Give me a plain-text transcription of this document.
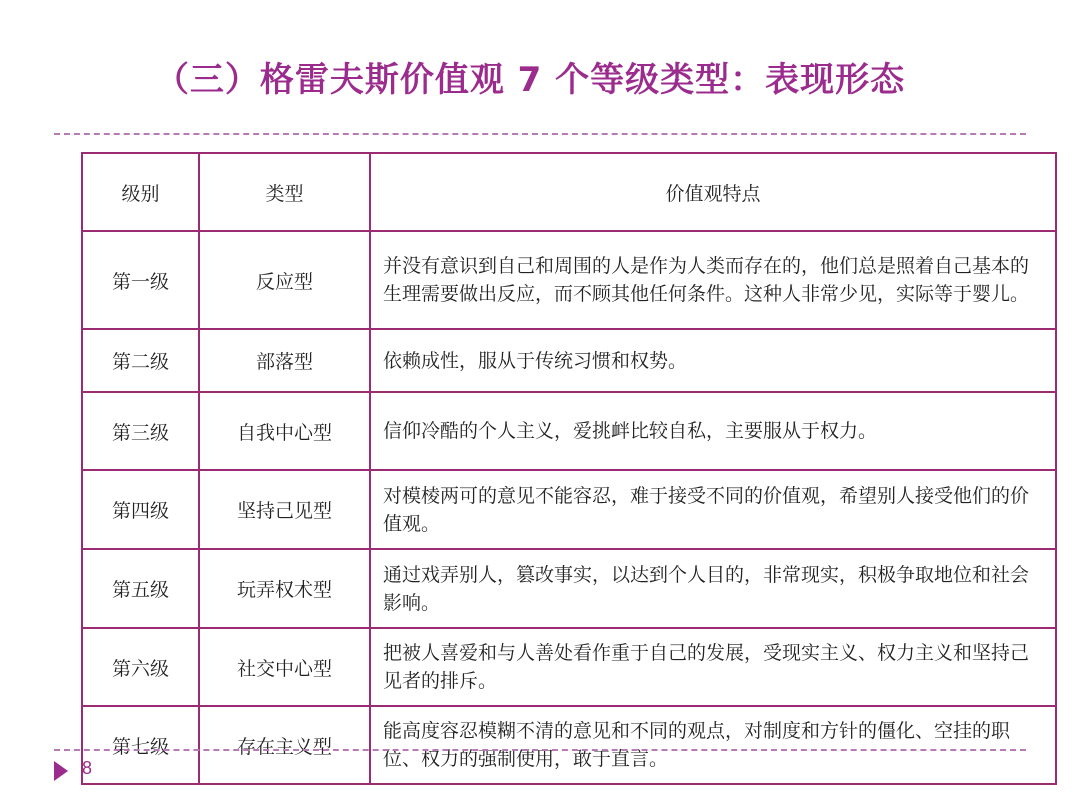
（三）格雷夫斯价值观 7 个等级类型：表现形态
级别	类型	价值观特点
第一级	反应型	并没有意识到自己和周围的人是作为人类而存在的，他们总是照着自己基本的生理需要做出反应，而不顾其他任何条件。这种人非常少见，实际等于婴儿。
第二级	部落型	依赖成性，服从于传统习惯和权势。
第三级	自我中心型	信仰冷酷的个人主义，爱挑衅比较自私，主要服从于权力。
第四级	坚持己见型	对模棱两可的意见不能容忍，难于接受不同的价值观，希望别人接受他们的价值观。
第五级	玩弄权术型	通过戏弄别人，篡改事实，以达到个人目的，非常现实，积极争取地位和社会影响。
第六级	社交中心型	把被人喜爱和与人善处看作重于自己的发展，受现实主义、权力主义和坚持己见者的排斥。
第七级	存在主义型	能高度容忍模糊不清的意见和不同的观点，对制度和方针的僵化、空挂的职位、权力的强制使用，敢于直言。
8
